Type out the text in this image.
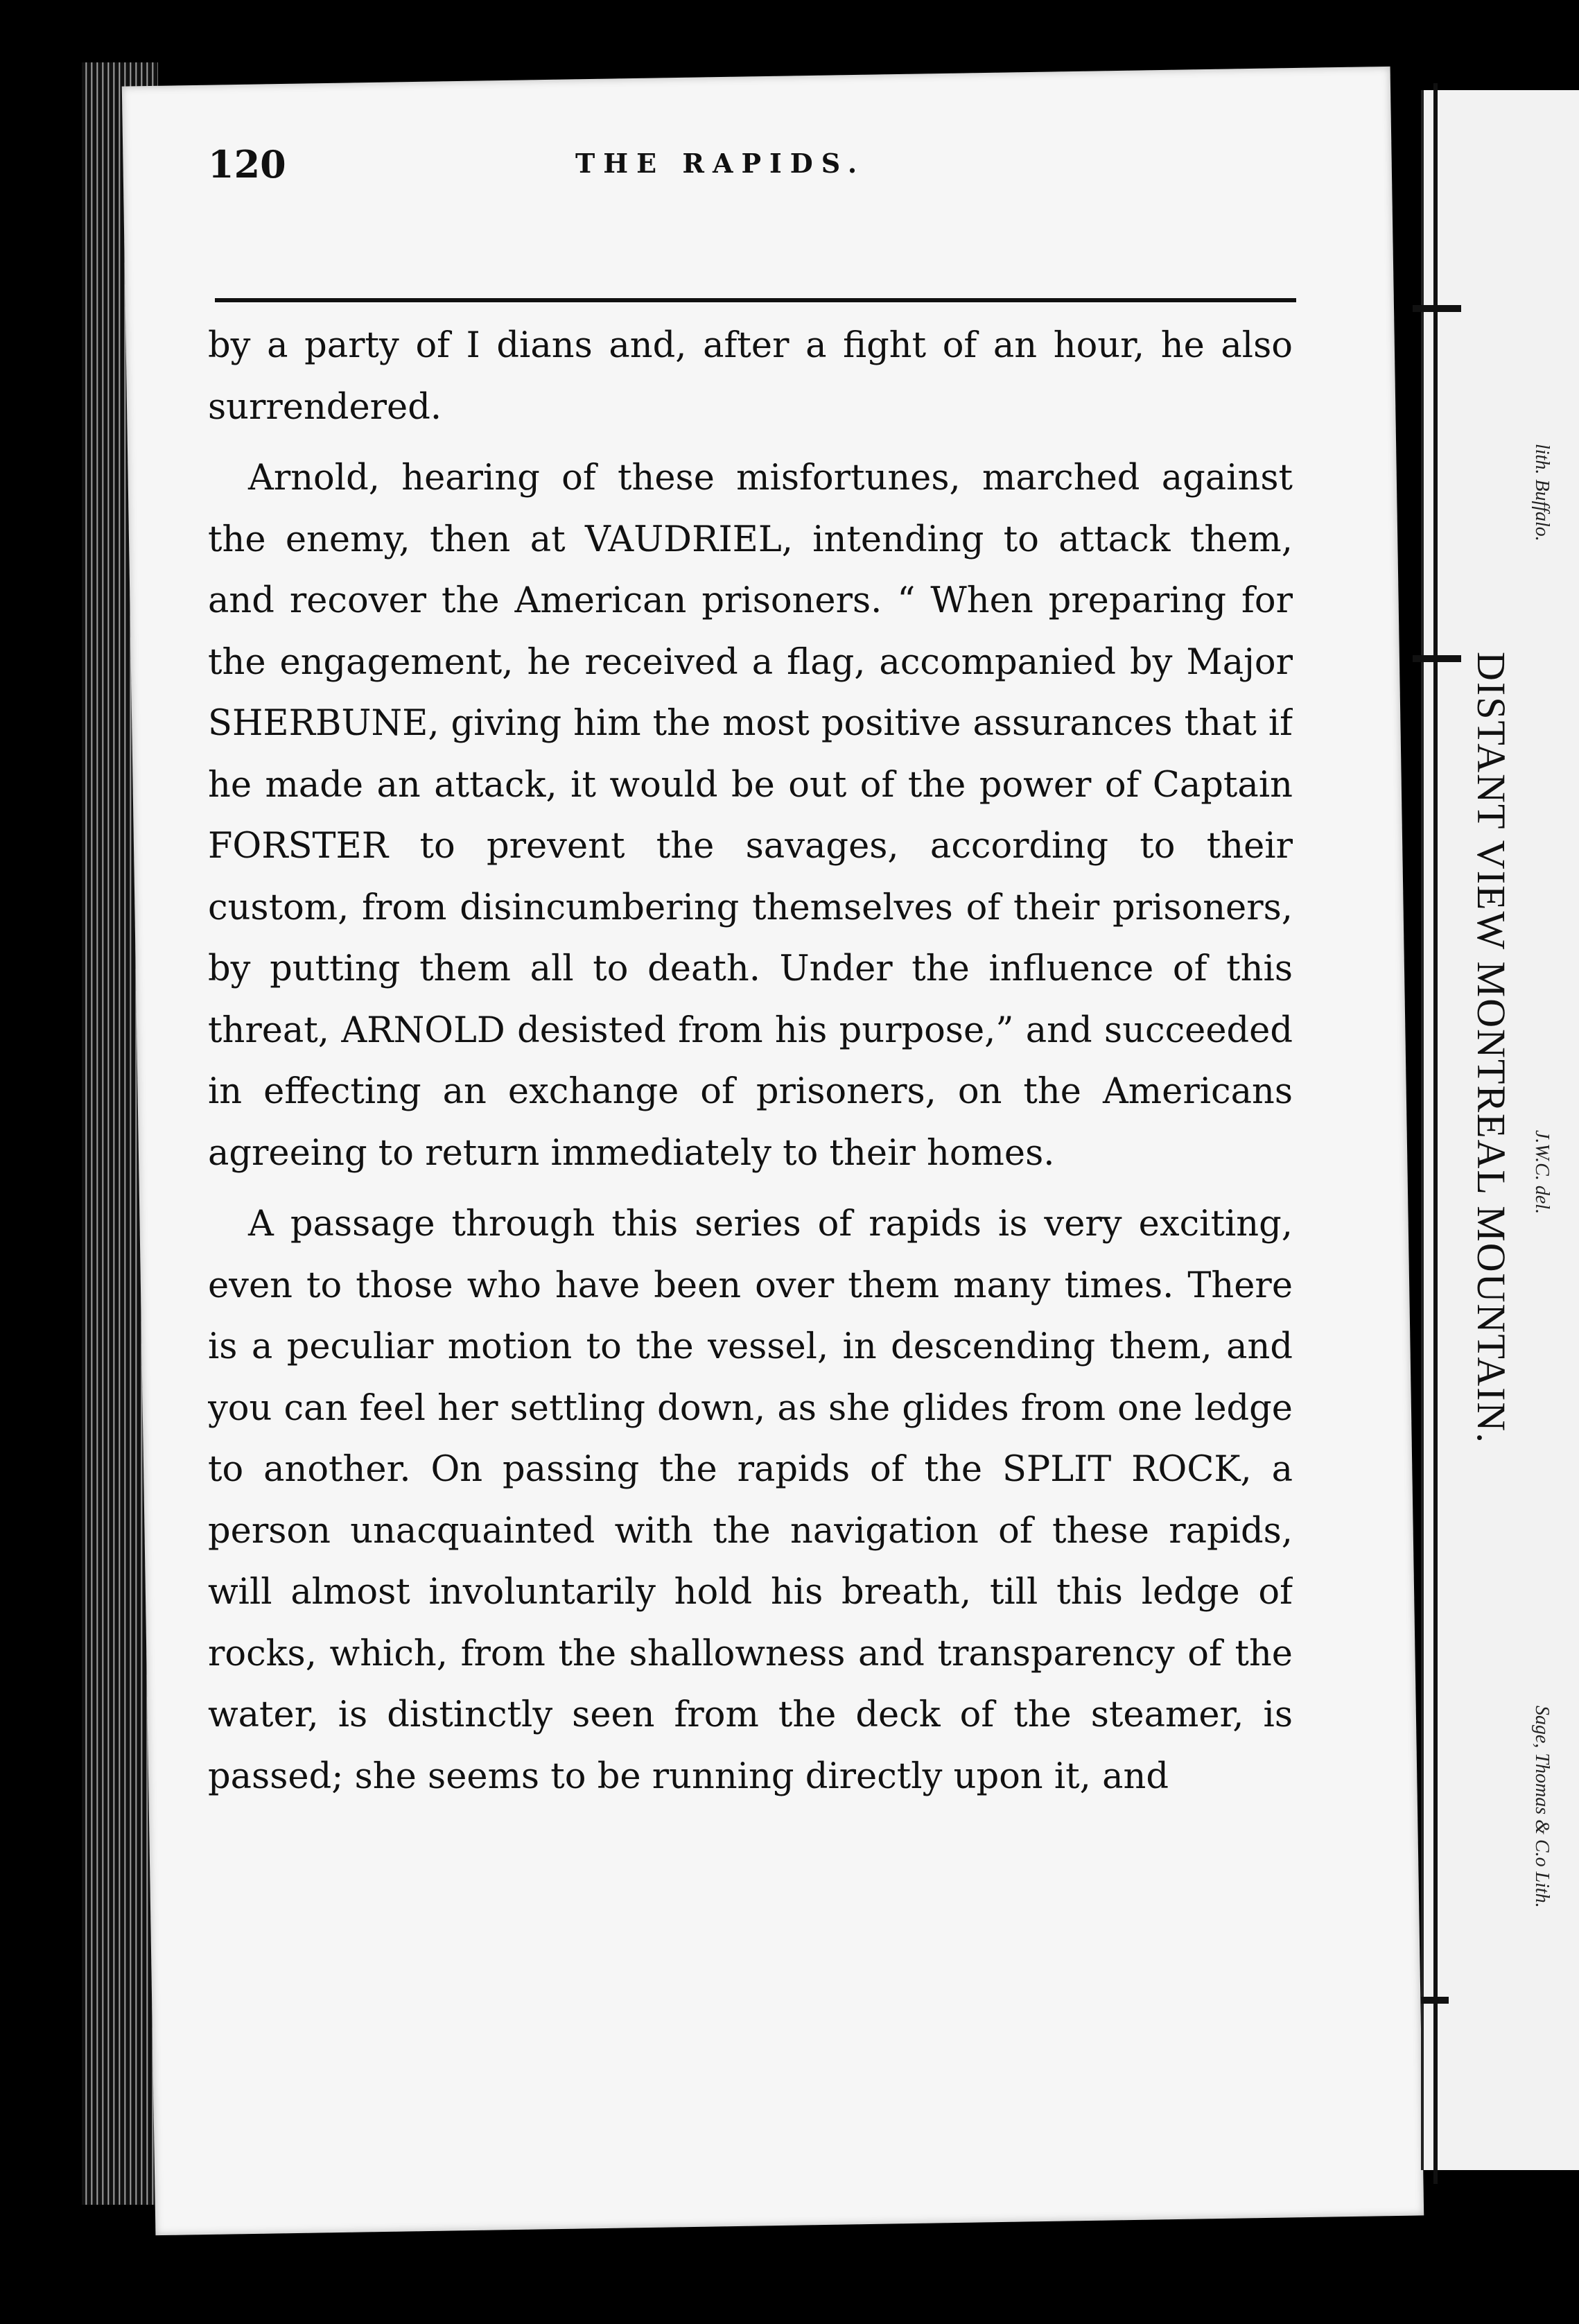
120	THE RAPIDS.

by a party of I dians and, after a fight of an hour, he also surrendered.

Arnold, hearing of these misfortunes, marched against the enemy, then at VAUDRIEL, intending to attack them, and recover the American prisoners. “ When preparing for the engagement, he received a flag, accompanied by Major SHERBUNE, giving him the most positive assurances that if he made an attack, it would be out of the power of Captain FORSTER to prevent the savages, according to their custom, from disincumbering themselves of their prisoners, by putting them all to death. Under the influence of this threat, ARNOLD desisted from his purpose,” and succeeded in effecting an exchange of prisoners, on the Americans agreeing to return immediately to their homes.

A passage through this series of rapids is very exciting, even to those who have been over them many times. There is a peculiar motion to the vessel, in descending them, and you can feel her settling down, as she glides from one ledge to another. On passing the rapids of the SPLIT ROCK, a person unacquainted with the navigation of these rapids, will almost involuntarily hold his breath, till this ledge of rocks, which, from the shallowness and transparency of the water, is distinctly seen from the deck of the steamer, is passed; she seems to be running directly upon it, and

DISTANT VIEW MONTREAL MOUNTAIN.
lith. Buffalo.
J.W.C. del.
Sage, Thomas & C.o Lith.
